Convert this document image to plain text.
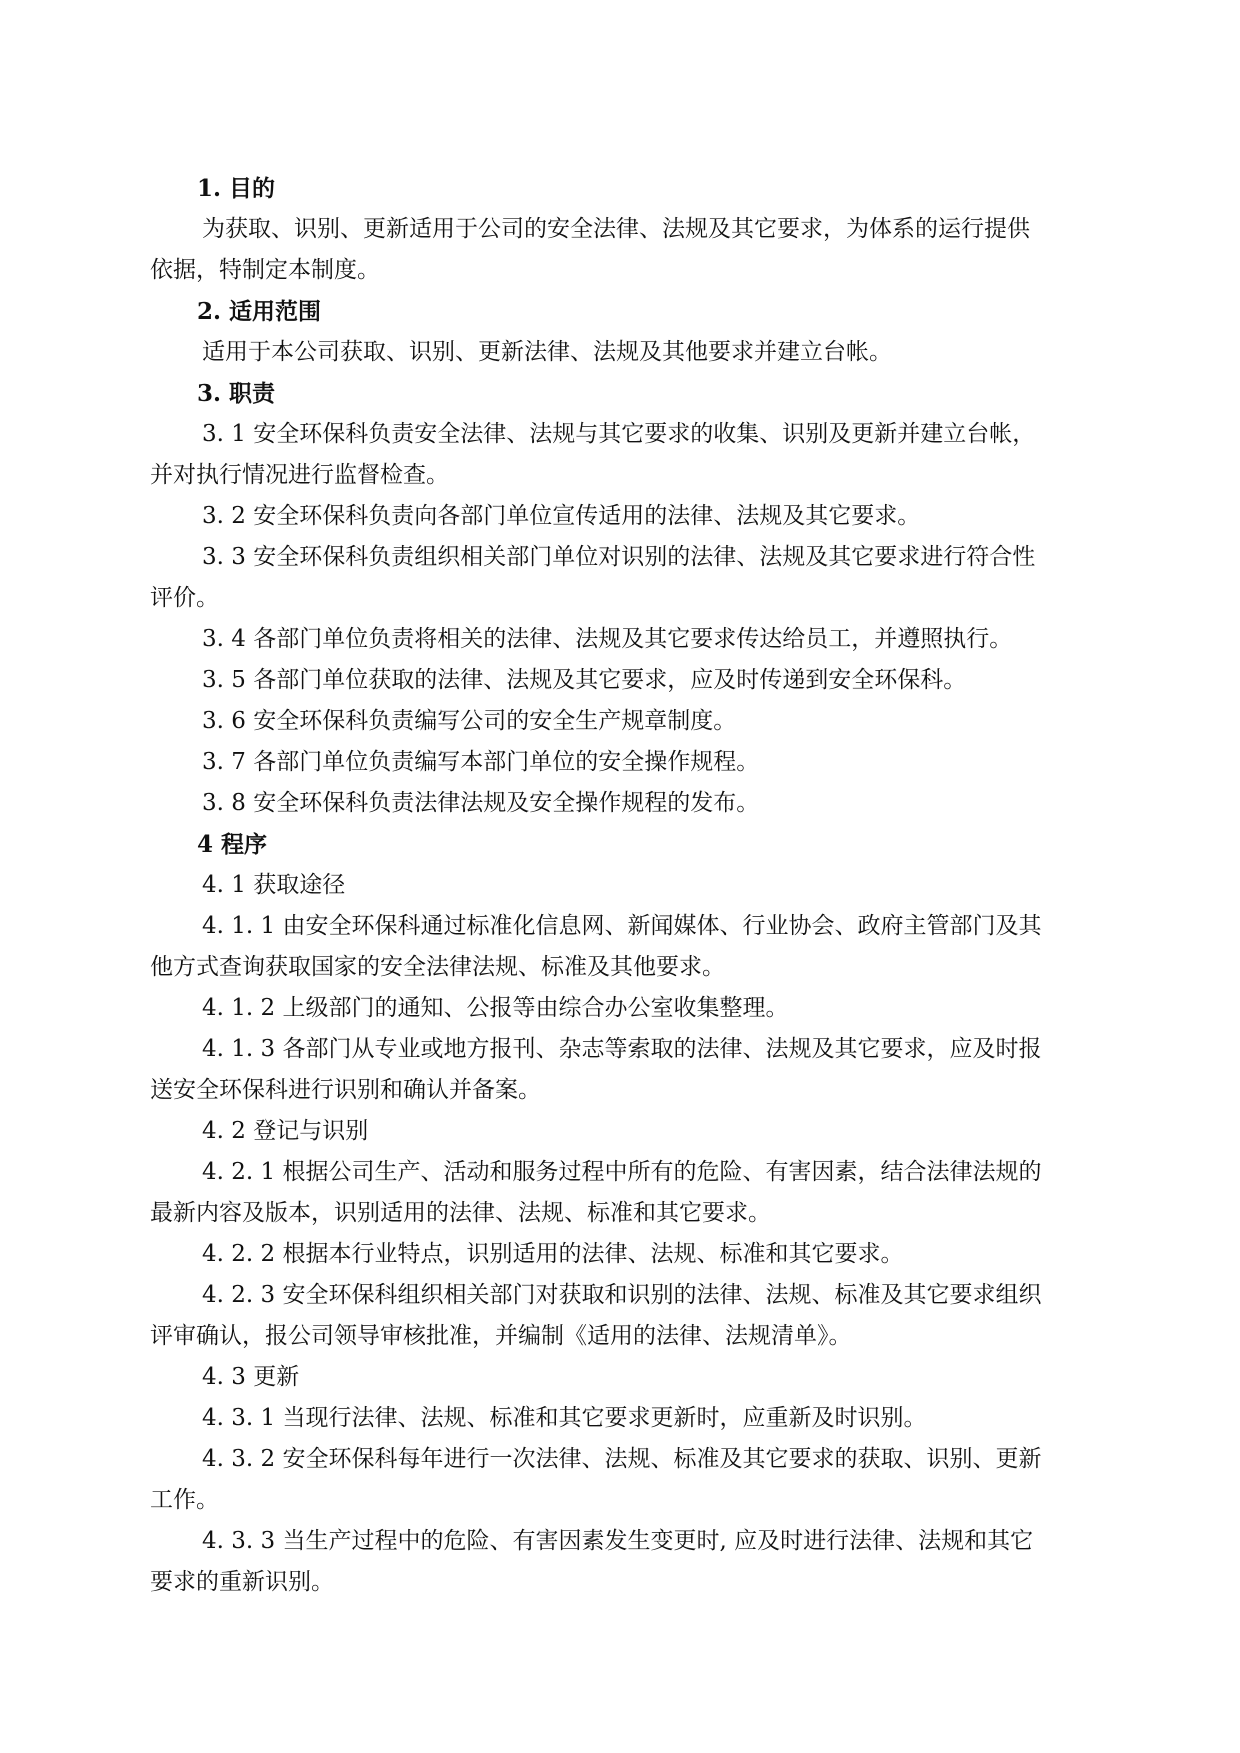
1. 目的
为获取、识别、更新适用于公司的安全法律、法规及其它要求，为体系的运行提供
依据，特制定本制度。
2. 适用范围
适用于本公司获取、识别、更新法律、法规及其他要求并建立台帐。
3. 职责
3. 1 安全环保科负责安全法律、法规与其它要求的收集、识别及更新并建立台帐，
并对执行情况进行监督检查。
3. 2 安全环保科负责向各部门单位宣传适用的法律、法规及其它要求。
3. 3 安全环保科负责组织相关部门单位对识别的法律、法规及其它要求进行符合性
评价。
3. 4 各部门单位负责将相关的法律、法规及其它要求传达给员工，并遵照执行。
3. 5 各部门单位获取的法律、法规及其它要求，应及时传递到安全环保科。
3. 6 安全环保科负责编写公司的安全生产规章制度。
3. 7 各部门单位负责编写本部门单位的安全操作规程。
3. 8 安全环保科负责法律法规及安全操作规程的发布。
4 程序
4. 1 获取途径
4. 1. 1 由安全环保科通过标准化信息网、新闻媒体、行业协会、政府主管部门及其
他方式查询获取国家的安全法律法规、标准及其他要求。
4. 1. 2 上级部门的通知、公报等由综合办公室收集整理。
4. 1. 3 各部门从专业或地方报刊、杂志等索取的法律、法规及其它要求，应及时报
送安全环保科进行识别和确认并备案。
4. 2 登记与识别
4. 2. 1 根据公司生产、活动和服务过程中所有的危险、有害因素，结合法律法规的
最新内容及版本，识别适用的法律、法规、标准和其它要求。
4. 2. 2 根据本行业特点，识别适用的法律、法规、标准和其它要求。
4. 2. 3 安全环保科组织相关部门对获取和识别的法律、法规、标准及其它要求组织
评审确认，报公司领导审核批准，并编制《适用的法律、法规清单》。
4. 3 更新
4. 3. 1 当现行法律、法规、标准和其它要求更新时，应重新及时识别。
4. 3. 2 安全环保科每年进行一次法律、法规、标准及其它要求的获取、识别、更新
工作。
4. 3. 3 当生产过程中的危险、有害因素发生变更时, 应及时进行法律、法规和其它
要求的重新识别。
